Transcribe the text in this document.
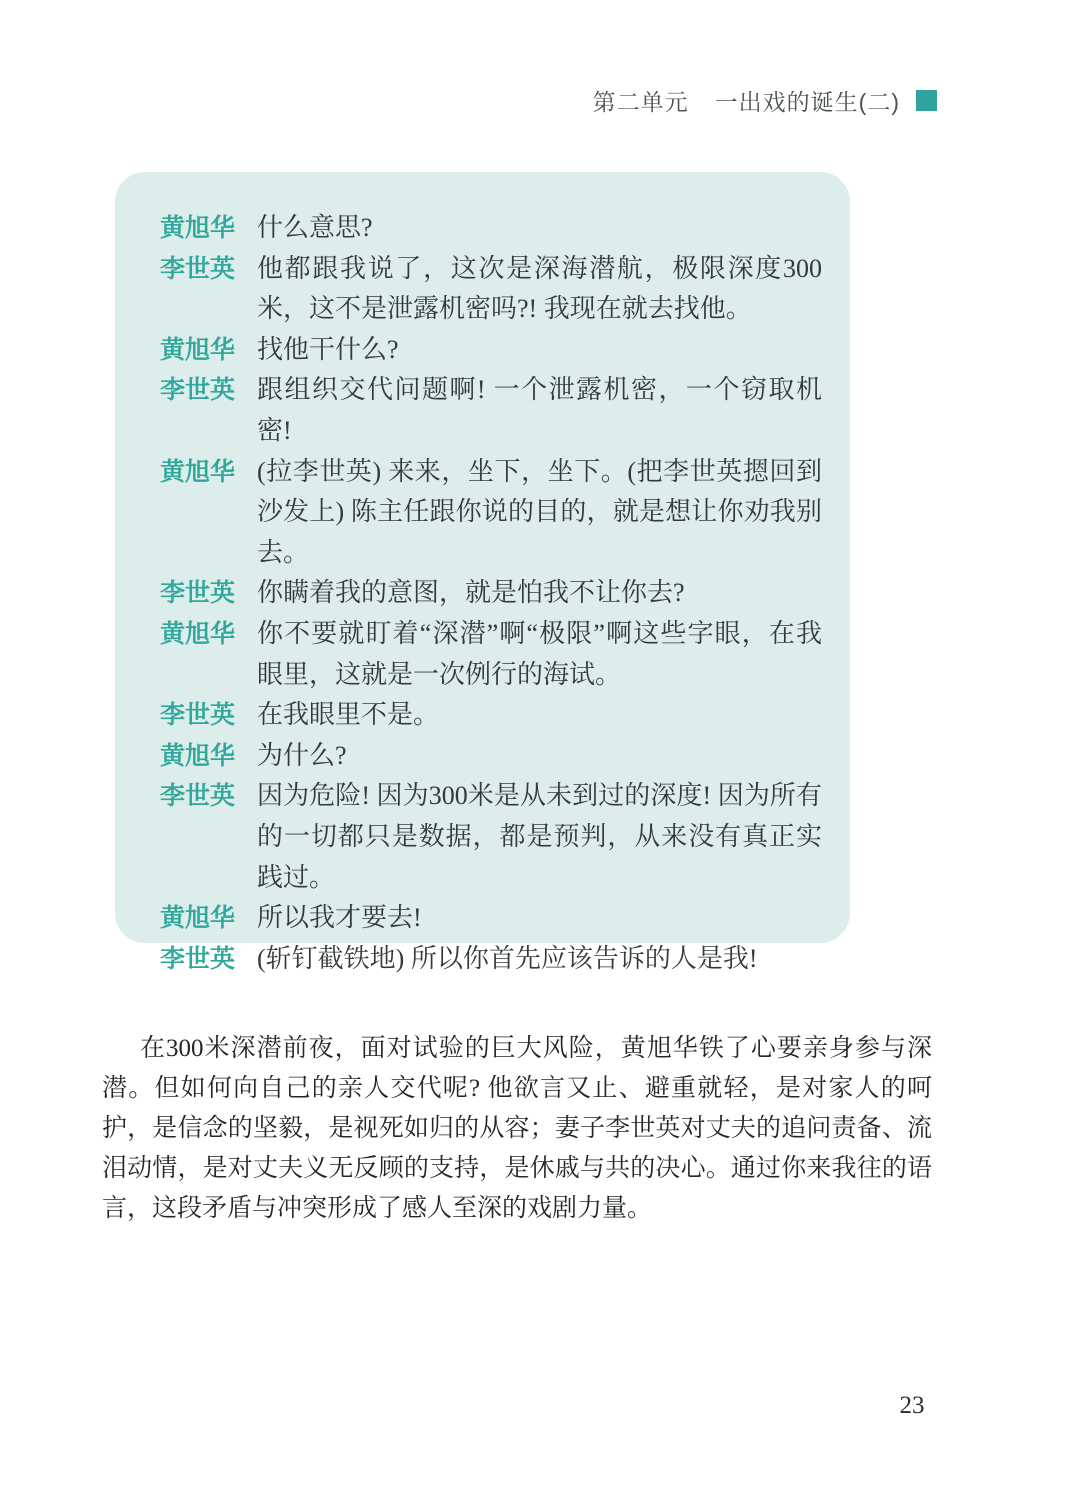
第二单元 一出戏的诞生(二)
黄旭华 什么意思?
李世英 他都跟我说了，这次是深海潜航，极限深度300米，这不是泄露机密吗?! 我现在就去找他。
黄旭华 找他干什么?
李世英 跟组织交代问题啊! 一个泄露机密，一个窃取机密!
黄旭华 (拉李世英) 来来，坐下，坐下。(把李世英摁回到沙发上) 陈主任跟你说的目的，就是想让你劝我别去。
李世英 你瞒着我的意图，就是怕我不让你去?
黄旭华 你不要就盯着“深潜”啊“极限”啊这些字眼，在我眼里，这就是一次例行的海试。
李世英 在我眼里不是。
黄旭华 为什么?
李世英 因为危险! 因为300米是从未到过的深度! 因为所有的一切都只是数据，都是预判，从来没有真正实践过。
黄旭华 所以我才要去!
李世英 (斩钉截铁地) 所以你首先应该告诉的人是我!

在300米深潜前夜，面对试验的巨大风险，黄旭华铁了心要亲身参与深潜。但如何向自己的亲人交代呢? 他欲言又止、避重就轻，是对家人的呵护，是信念的坚毅，是视死如归的从容；妻子李世英对丈夫的追问责备、流泪动情，是对丈夫义无反顾的支持，是休戚与共的决心。通过你来我往的语言，这段矛盾与冲突形成了感人至深的戏剧力量。

23
